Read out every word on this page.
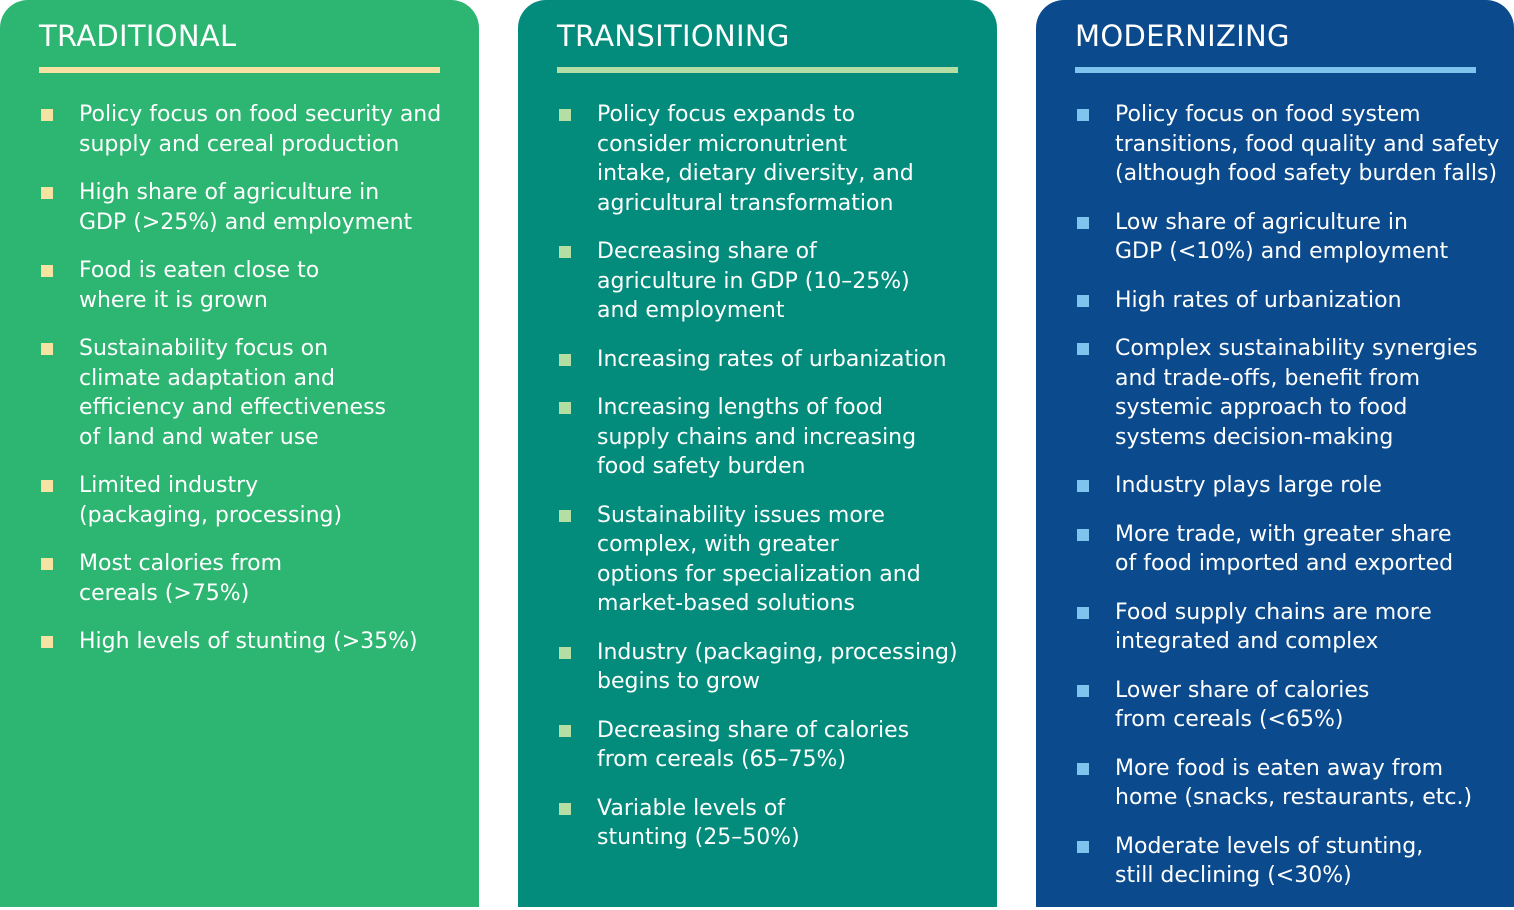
TRADITIONAL
Policy focus on food security and
supply and cereal production
High share of agriculture in
GDP (>25%) and employment
Food is eaten close to
where it is grown
Sustainability focus on
climate adaptation and
efficiency and effectiveness
of land and water use
Limited industry
(packaging, processing)
Most calories from
cereals (>75%)
High levels of stunting (>35%)
TRANSITIONING
Policy focus expands to
consider micronutrient
intake, dietary diversity, and
agricultural transformation
Decreasing share of
agriculture in GDP (10–25%)
and employment
Increasing rates of urbanization
Increasing lengths of food
supply chains and increasing
food safety burden
Sustainability issues more
complex, with greater
options for specialization and
market-based solutions
Industry (packaging, processing)
begins to grow
Decreasing share of calories
from cereals (65–75%)
Variable levels of
stunting (25–50%)
MODERNIZING
Policy focus on food system
transitions, food quality and safety
(although food safety burden falls)
Low share of agriculture in
GDP (<10%) and employment
High rates of urbanization
Complex sustainability synergies
and trade-offs, benefit from
systemic approach to food
systems decision-making
Industry plays large role
More trade, with greater share
of food imported and exported
Food supply chains are more
integrated and complex
Lower share of calories
from cereals (<65%)
More food is eaten away from
home (snacks, restaurants, etc.)
Moderate levels of stunting,
still declining (<30%)
